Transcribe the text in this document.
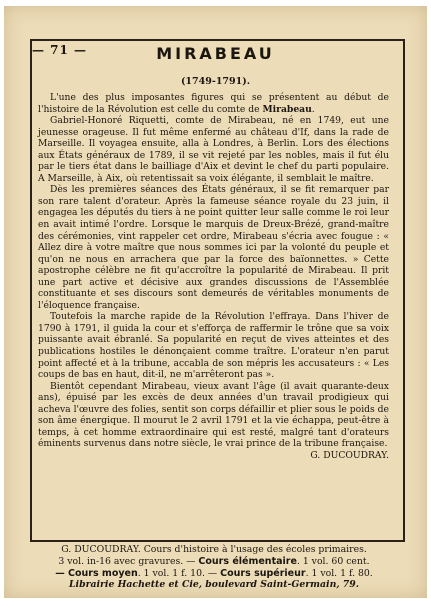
— 71 —	MIRABEAU
(1749-1791).

L'une des plus imposantes figures qui se présentent au début de l'histoire de la Révolution est celle du comte de Mirabeau.

Gabriel-Honoré Riquetti, comte de Mirabeau, né en 1749, eut une jeunesse orageuse. Il fut même enfermé au château d'If, dans la rade de Marseille. Il voyagea ensuite, alla à Londres, à Berlin. Lors des élections aux États généraux de 1789, il se vit rejeté par les nobles, mais il fut élu par le tiers état dans le bailliage d'Aix et devint le chef du parti populaire. A Marseille, à Aix, où retentissait sa voix élégante, il semblait le maître.

Dès les premières séances des États généraux, il se fit remarquer par son rare talent d'orateur. Après la fameuse séance royale du 23 juin, il engagea les députés du tiers à ne point quitter leur salle comme le roi leur en avait intimé l'ordre. Lorsque le marquis de Dreux-Brézé, grand-maître des cérémonies, vint rappeler cet ordre, Mirabeau s'écria avec fougue : « Allez dire à votre maître que nous sommes ici par la volonté du peuple et qu'on ne nous en arrachera que par la force des baïonnettes. » Cette apostrophe célèbre ne fit qu'accroître la popularité de Mirabeau. Il prit une part active et décisive aux grandes discussions de l'Assemblée constituante et ses discours sont demeurés de véritables monuments de l'éloquence française.

Toutefois la marche rapide de la Révolution l'effraya. Dans l'hiver de 1790 à 1791, il guida la cour et s'efforça de raffermir le trône que sa voix puissante avait ébranlé. Sa popularité en reçut de vives atteintes et des publications hostiles le dénonçaient comme traître. L'orateur n'en parut point affecté et à la tribune, accabla de son mépris les accusateurs : « Les coups de bas en haut, dit-il, ne m'arrêteront pas ».

Bientôt cependant Mirabeau, vieux avant l'âge (il avait quarante-deux ans), épuisé par les excès de deux années d'un travail prodigieux qui acheva l'œuvre des folies, sentit son corps défaillir et plier sous le poids de son âme énergique. Il mourut le 2 avril 1791 et la vie échappa, peut-être à temps, à cet homme extraordinaire qui est resté, malgré tant d'orateurs éminents survenus dans notre siècle, le vrai prince de la tribune française.
G. DUCOUDRAY.

G. DUCOUDRAY. Cours d'histoire à l'usage des écoles primaires.
3 vol. in-16 avec gravures. — Cours élémentaire. 1 vol. 60 cent.
— Cours moyen. 1 vol. 1 f. 10. — Cours supérieur. 1 vol. 1 f. 80.
Librairie Hachette et Cie, boulevard Saint-Germain, 79.
